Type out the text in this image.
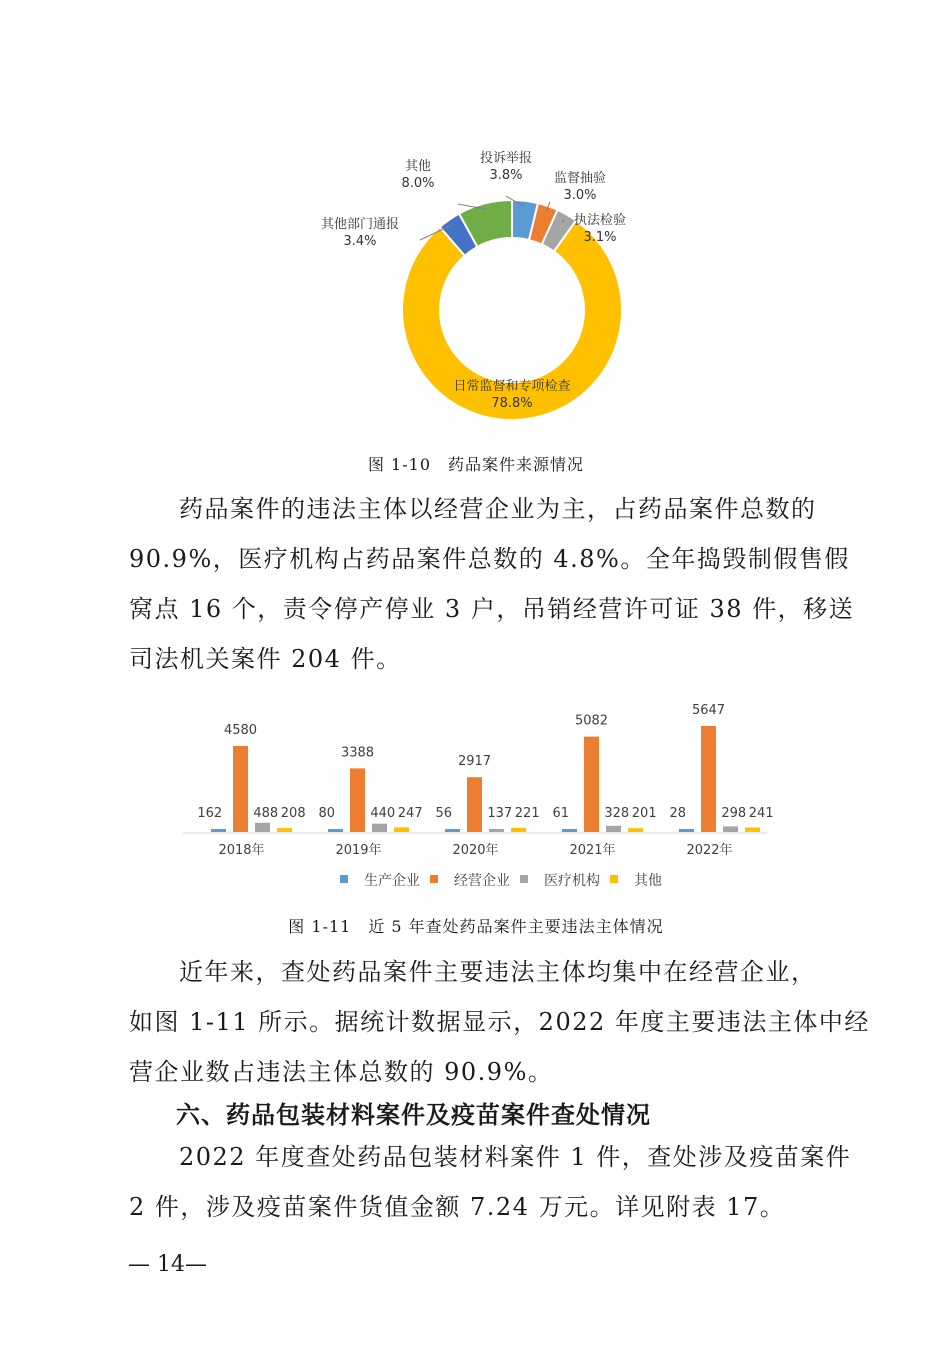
投诉举报
3.8% 监督抽验
3.0%
执法检验
3.1%
日常监督和专项检查
78.8%
其他部门通报
3.4%
其他
8.0%
图 1-10　药品案件来源情况

药品案件的违法主体以经营企业为主，占药品案件总数的
90.9%，医疗机构占药品案件总数的 4.8%。全年捣毁制假售假
窝点 16 个，责令停产停业 3 户，吊销经营许可证 38 件，移送
司法机关案件 204 件。

162
4580
488 208 80
3388
440 247 56
2917
137 221 61
5082
328 201 28
5647
298 241
2018年	2019年	2020年	2021年	2022年
生产企业 经营企业 医疗机构 其他
图 1-11　近 5 年查处药品案件主要违法主体情况

近年来，查处药品案件主要违法主体均集中在经营企业，
如图 1-11 所示。据统计数据显示，2022 年度主要违法主体中经
营企业数占违法主体总数的 90.9%。

六、药品包装材料案件及疫苗案件查处情况

2022 年度查处药品包装材料案件 1 件，查处涉及疫苗案件
2 件，涉及疫苗案件货值金额 7.24 万元。详见附表 17。

— 14—
